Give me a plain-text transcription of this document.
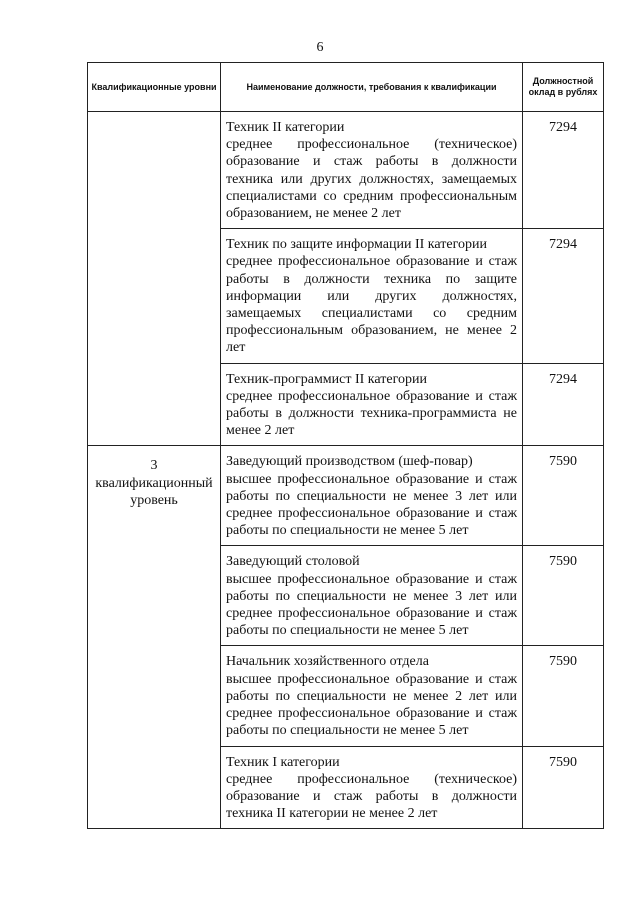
6
Квалификационные уровни	Наименование должности, требования к квалификации	Должностной оклад в рублях

	Техник II категории
среднее профессиональное (техническое) образование и стаж работы в должности техника или других должностях, замещаемых специалистами со средним профессиональным образованием, не менее 2 лет	7294

	Техник по защите информации II категории
среднее профессиональное образование и стаж работы в должности техника по защите информации или других должностях, замещаемых специалистами со средним профессиональным образованием, не менее 2 лет	7294

	Техник-программист II категории
среднее профессиональное образование и стаж работы в должности техника-программиста не менее 2 лет	7294
3 квалификационный уровень	Заведующий производством (шеф-повар)
высшее профессиональное образование и стаж работы по специальности не менее 3 лет или среднее профессиональное образование и стаж работы по специальности не менее 5 лет	7590

	Заведующий столовой
высшее профессиональное образование и стаж работы по специальности не менее 3 лет или среднее профессиональное образование и стаж работы по специальности не менее 5 лет	7590

	Начальник хозяйственного отдела
высшее профессиональное образование и стаж работы по специальности не менее 2 лет или среднее профессиональное образование и стаж работы по специальности не менее 5 лет	7590

	Техник I категории
среднее профессиональное (техническое) образование и стаж работы в должности техника II категории не менее 2 лет	7590
